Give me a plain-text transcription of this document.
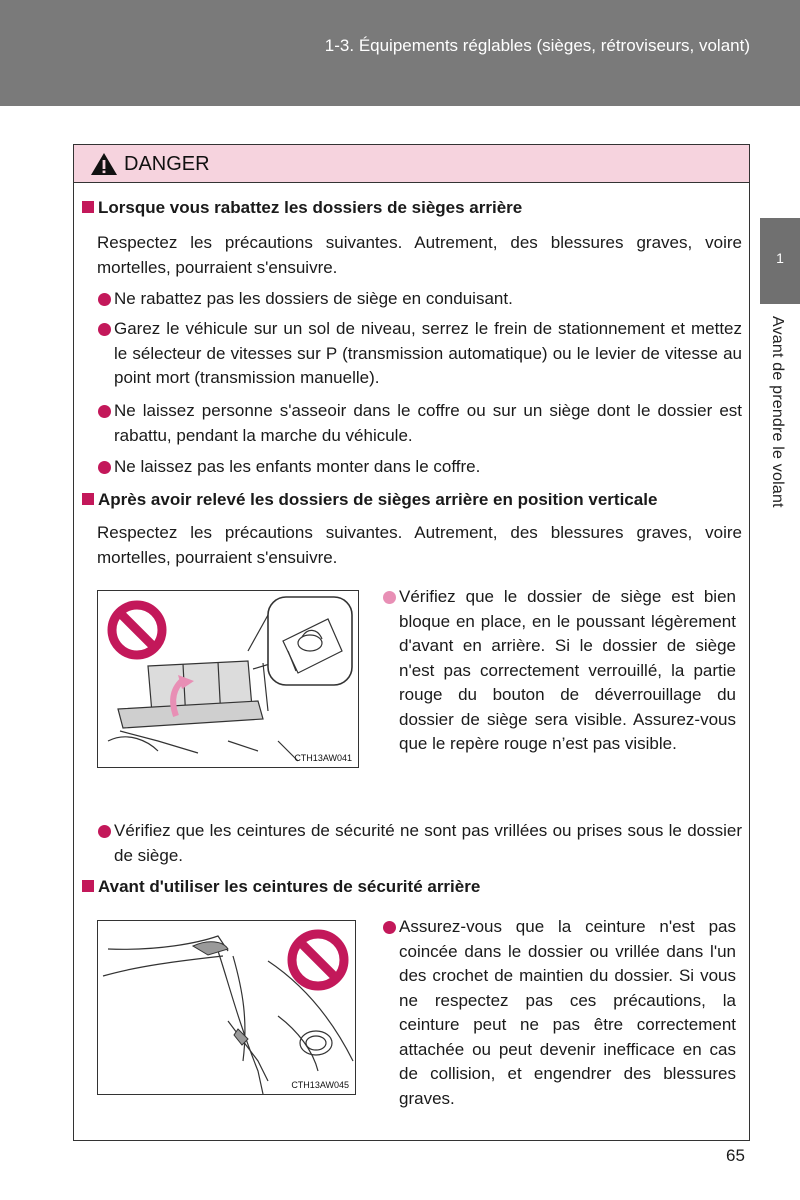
1-3. Équipements réglables (sièges, rétroviseurs, volant)
1
Avant de prendre le volant
DANGER
Lorsque vous rabattez les dossiers de sièges arrière
Respectez les précautions suivantes. Autrement, des blessures graves, voire mortelles, pourraient s'ensuivre.
Ne rabattez pas les dossiers de siège en conduisant.
Garez le véhicule sur un sol de niveau, serrez le frein de stationnement et mettez le sélecteur de vitesses sur P (transmission automatique) ou le levier de vitesse au point mort (transmission manuelle).
Ne laissez personne s'asseoir dans le coffre ou sur un siège dont le dossier est rabattu, pendant la marche du véhicule.
Ne laissez pas les enfants monter dans le coffre.
Après avoir relevé les dossiers de sièges arrière en position verticale
Respectez les précautions suivantes. Autrement, des blessures graves, voire mortelles, pourraient s'ensuivre.
CTH13AW041
Vérifiez que le dossier de siège est bien bloque en place, en le poussant légèrement d'avant en arrière. Si le dossier de siège n'est pas correctement verrouillé, la partie rouge du bouton de déverrouillage du dossier de siège sera visible. Assurez-vous que le repère rouge n’est pas visible.
Vérifiez que les ceintures de sécurité ne sont pas vrillées ou prises sous le dossier de siège.
Avant d'utiliser les ceintures de sécurité arrière
CTH13AW045
Assurez-vous que la ceinture n'est pas coincée dans le dossier ou vrillée dans l'un des crochet de maintien du dossier. Si vous ne respectez pas ces précautions, la ceinture peut ne pas être correctement attachée ou peut devenir inefficace en cas de collision, et engendrer des blessures graves.
65
